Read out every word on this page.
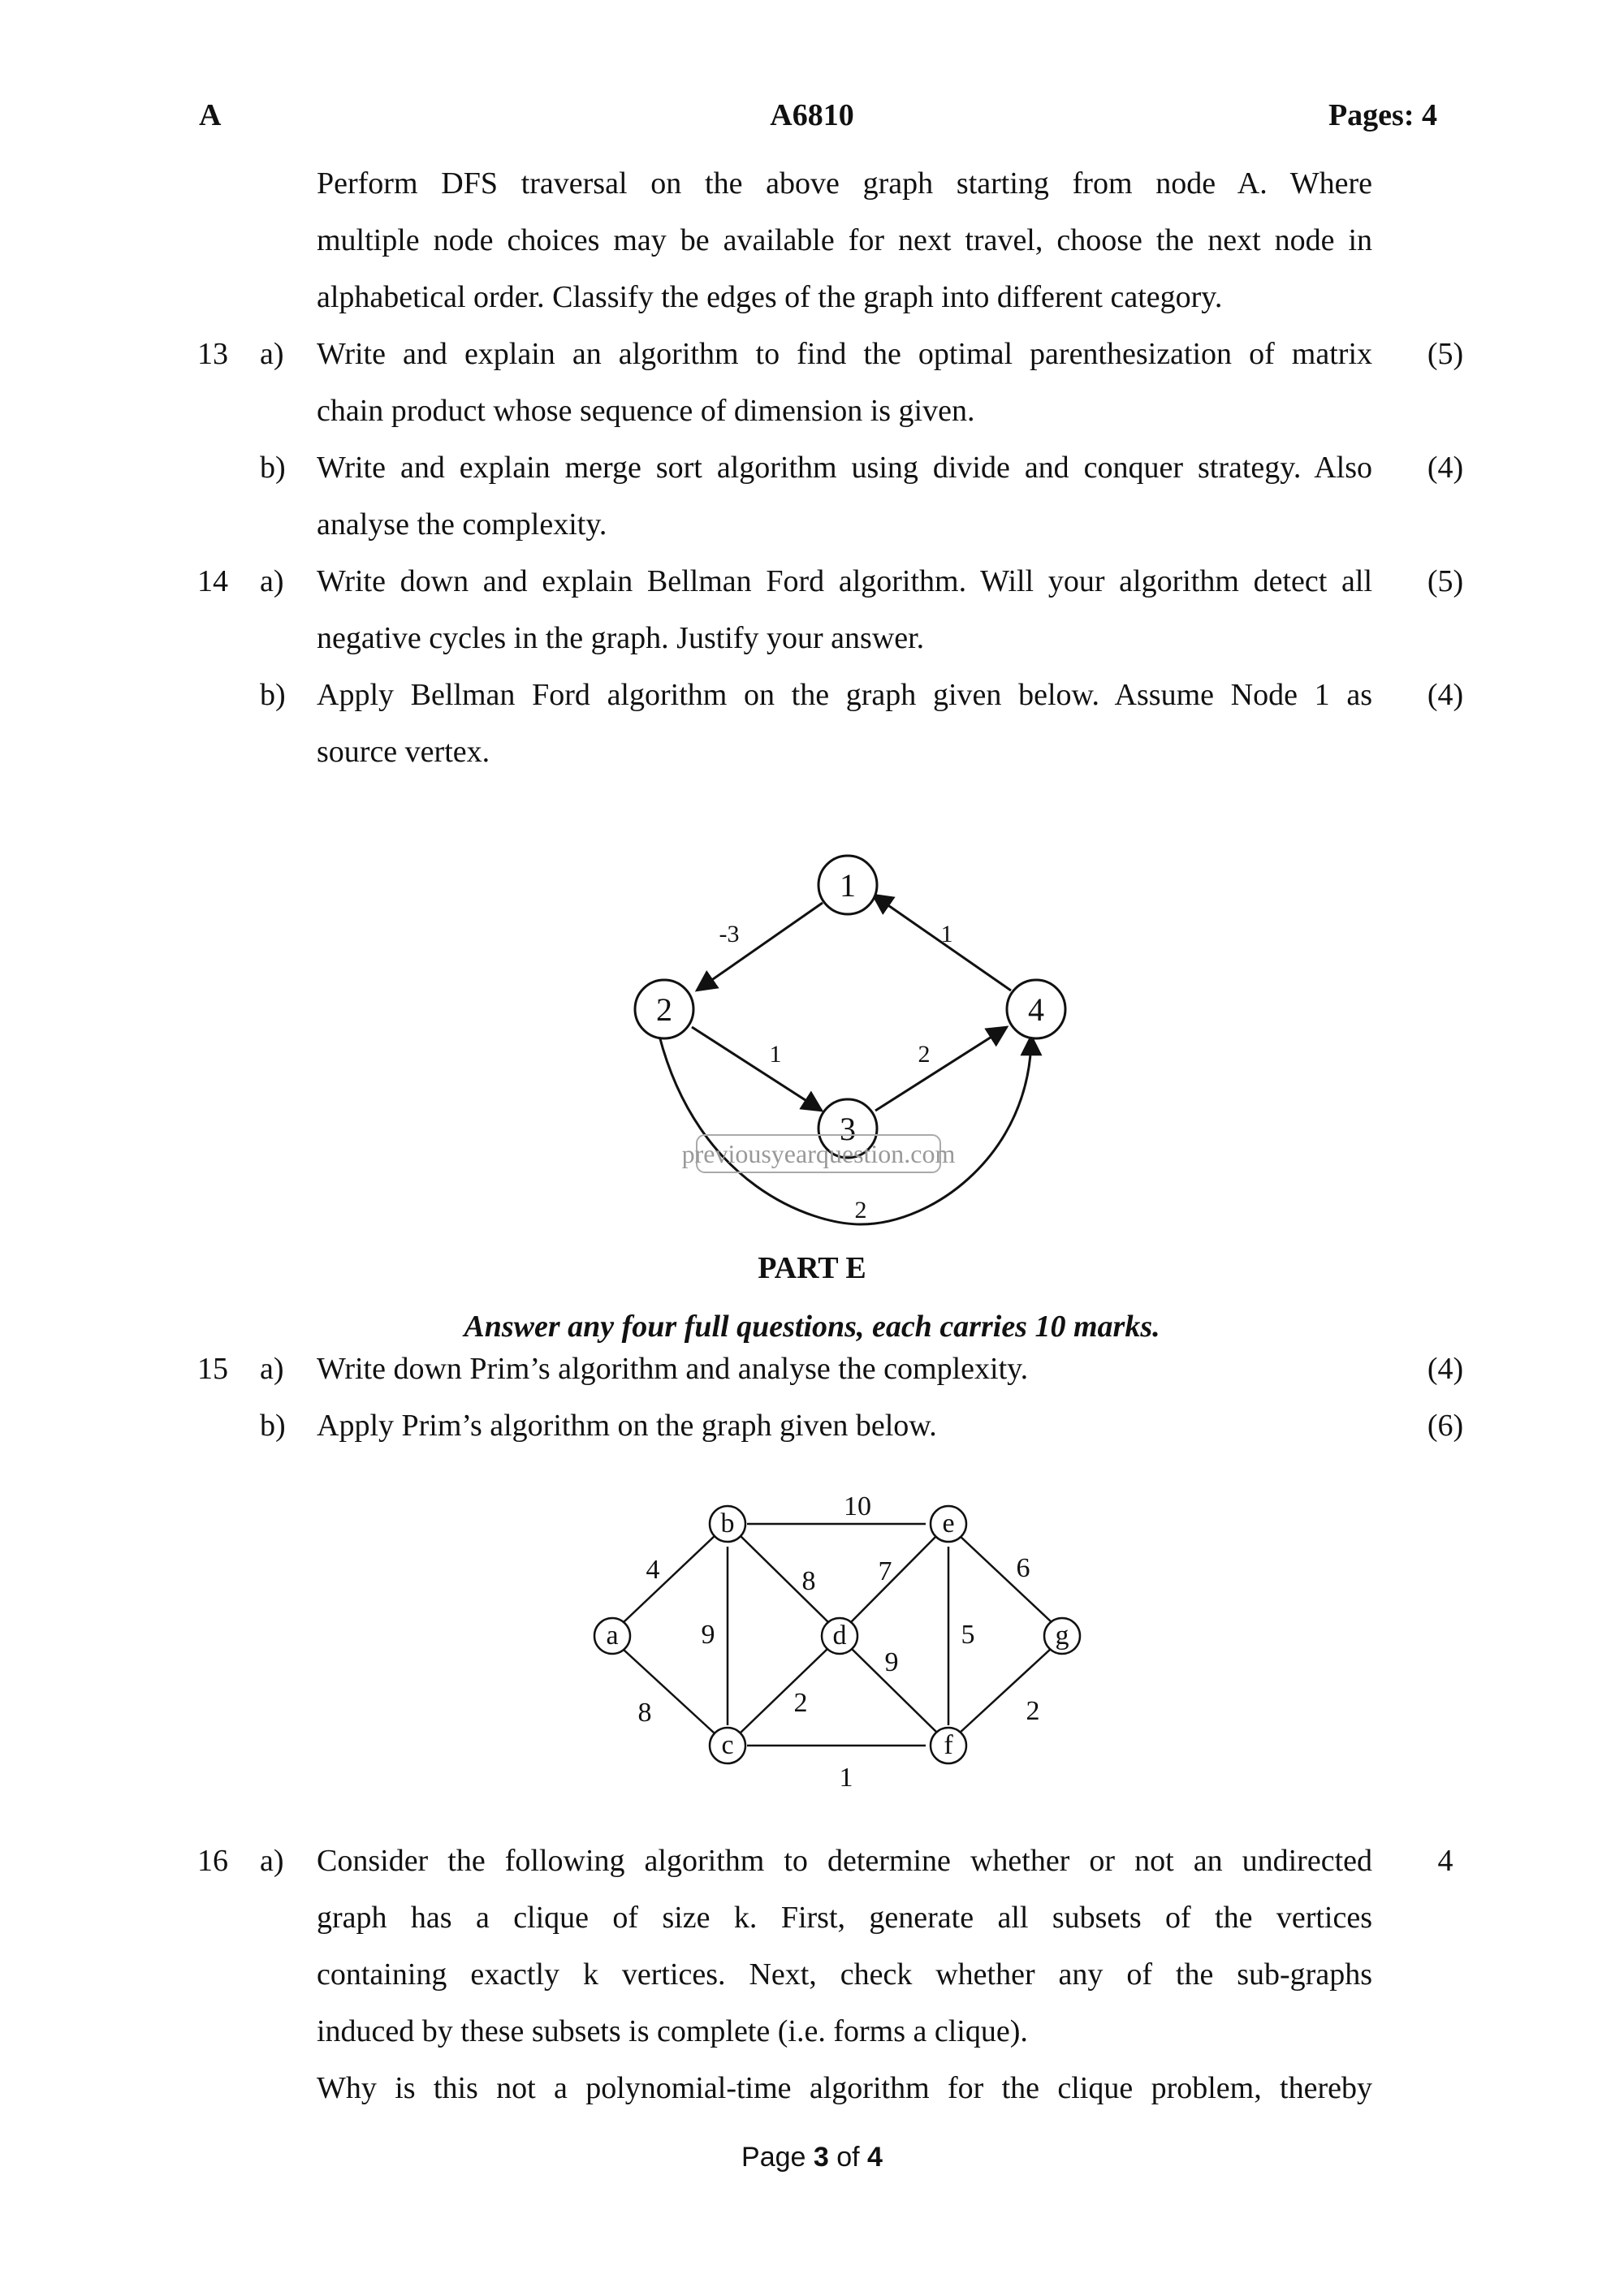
A	A6810	Pages: 4
Perform DFS traversal on the above graph starting from node A. Where
multiple node choices may be available for next travel, choose the next node in
alphabetical order. Classify the edges of the graph into different category.
13 a) Write and explain an algorithm to find the optimal parenthesization of matrix (5)
chain product whose sequence of dimension is given.
b) Write and explain merge sort algorithm using divide and conquer strategy. Also (4)
analyse the complexity.
14 a) Write down and explain Bellman Ford algorithm. Will your algorithm detect all (5)
negative cycles in the graph. Justify your answer.
b) Apply Bellman Ford algorithm on the graph given below. Assume Node 1 as (4)
source vertex.
1
2
3
4
-3	1
1	2
2
previousyearquestion.com
PART E
Answer any four full questions, each carries 10 marks.
15 a) Write down Prim’s algorithm and analyse the complexity.	(4)
b) Apply Prim’s algorithm on the graph given below.	(6)
a
b
c
d
e
f
g
4
8
9
8
10
2
1
7
9
5
6
2
16 a) Consider the following algorithm to determine whether or not an undirected	4
graph has a clique of size k. First, generate all subsets of the vertices
containing exactly k vertices. Next, check whether any of the sub-graphs
induced by these subsets is complete (i.e. forms a clique).
Why is this not a polynomial-time algorithm for the clique problem, thereby
Page 3 of 4
